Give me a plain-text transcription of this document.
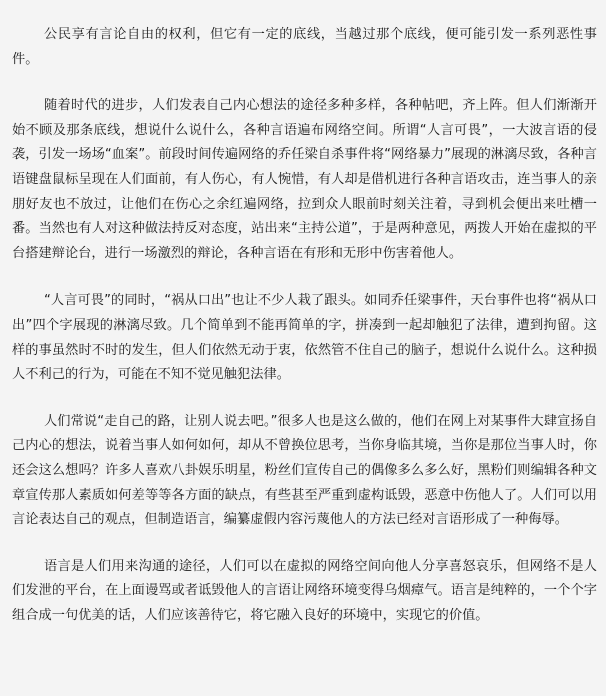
公民享有言论自由的权利，但它有一定的底线，当越过那个底线，便可能引发一系列恶性事件。

随着时代的进步，人们发表自己内心想法的途径多种多样，各种帖吧，齐上阵。但人们渐渐开始不顾及那条底线，想说什么说什么，各种言语遍布网络空间。所谓“人言可畏”，一大波言语的侵袭，引发一场场“血案”。前段时间传遍网络的乔任梁自杀事件将“网络暴力”展现的淋漓尽致，各种言语键盘鼠标呈现在人们面前，有人伤心，有人惋惜，有人却是借机进行各种言语攻击，连当事人的亲朋好友也不放过，让他们在伤心之余红遍网络，拉到众人眼前时刻关注着，寻到机会便出来吐槽一番。当然也有人对这种做法持反对态度，站出来“主持公道”，于是两种意见，两拨人开始在虚拟的平台搭建辩论台，进行一场激烈的辩论，各种言语在有形和无形中伤害着他人。

“人言可畏”的同时，“祸从口出”也让不少人栽了跟头。如同乔任梁事件，天台事件也将“祸从口出”四个字展现的淋漓尽致。几个简单到不能再简单的字，拼凑到一起却触犯了法律，遭到拘留。这样的事虽然时不时的发生，但人们依然无动于衷，依然管不住自己的脑子，想说什么说什么。这种损人不利己的行为，可能在不知不觉见触犯法律。

人们常说“走自己的路，让别人说去吧。”很多人也是这么做的，他们在网上对某事件大肆宣扬自己内心的想法，说着当事人如何如何，却从不曾换位思考，当你身临其境，当你是那位当事人时，你还会这么想吗？许多人喜欢八卦娱乐明星，粉丝们宣传自己的偶像多么多么好，黑粉们则编辑各种文章宣传那人素质如何差等等各方面的缺点，有些甚至严重到虚构诋毁，恶意中伤他人了。人们可以用言论表达自己的观点，但制造语言，编纂虚假内容污蔑他人的方法已经对言语形成了一种侮辱。

语言是人们用来沟通的途径，人们可以在虚拟的网络空间向他人分享喜怒哀乐，但网络不是人们发泄的平台，在上面谩骂或者诋毁他人的言语让网络环境变得乌烟瘴气。语言是纯粹的，一个个字组合成一句优美的话，人们应该善待它，将它融入良好的环境中，实现它的价值。
